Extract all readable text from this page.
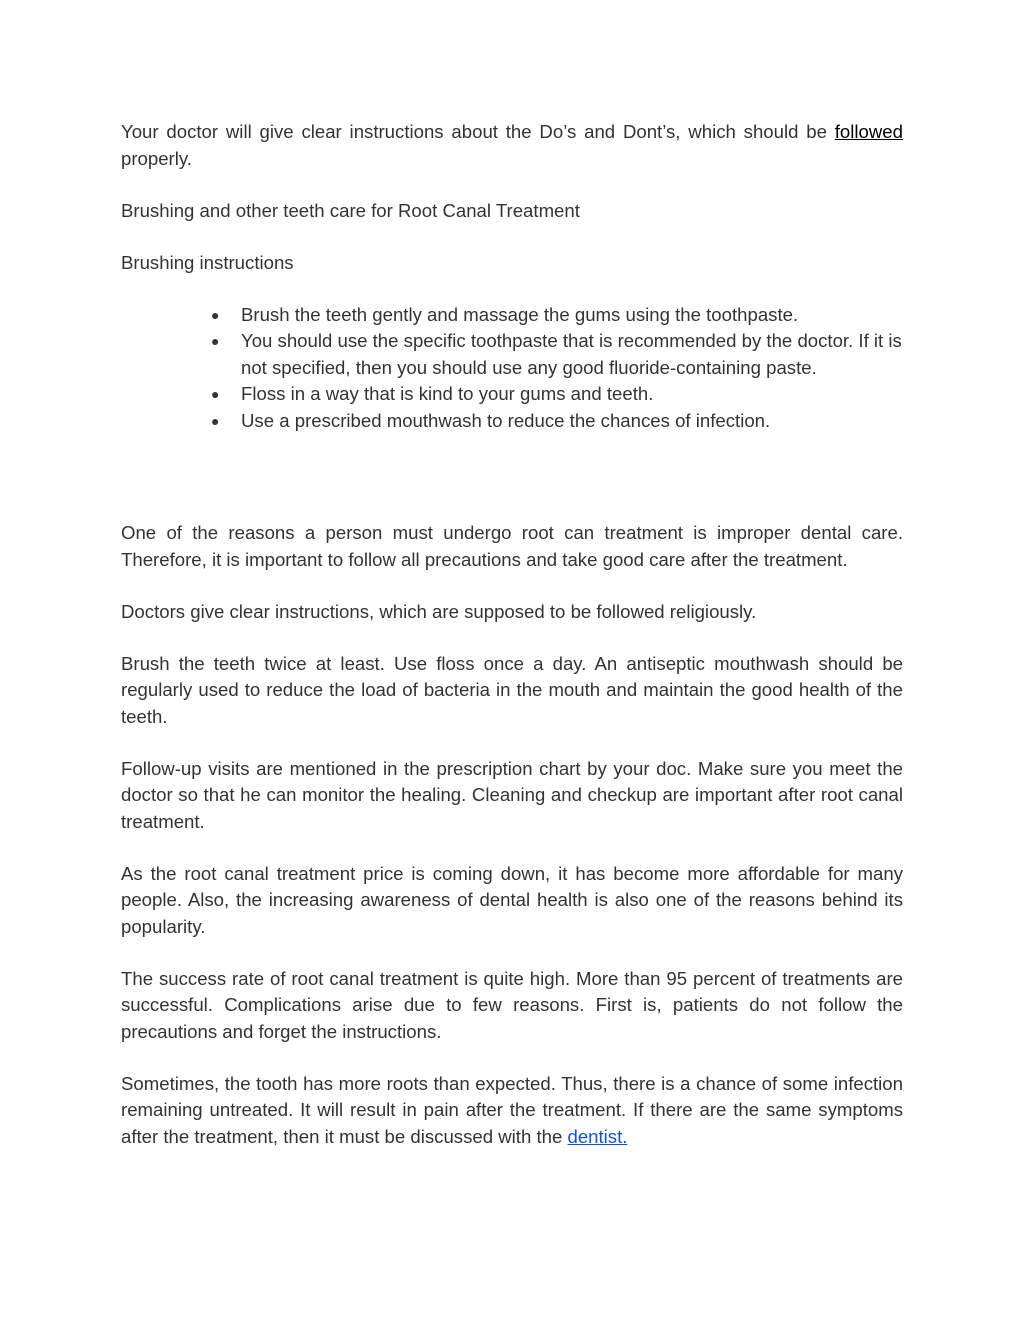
Your doctor will give clear instructions about the Do’s and Dont’s, which should be followed properly.

Brushing and other teeth care for Root Canal Treatment

Brushing instructions

● Brush the teeth gently and massage the gums using the toothpaste.
● You should use the specific toothpaste that is recommended by the doctor. If it is not specified, then you should use any good fluoride-containing paste.
● Floss in a way that is kind to your gums and teeth.
● Use a prescribed mouthwash to reduce the chances of infection.

One of the reasons a person must undergo root can treatment is improper dental care. Therefore, it is important to follow all precautions and take good care after the treatment.

Doctors give clear instructions, which are supposed to be followed religiously.

Brush the teeth twice at least. Use floss once a day. An antiseptic mouthwash should be regularly used to reduce the load of bacteria in the mouth and maintain the good health of the teeth.

Follow-up visits are mentioned in the prescription chart by your doc. Make sure you meet the doctor so that he can monitor the healing. Cleaning and checkup are important after root canal treatment.

As the root canal treatment price is coming down, it has become more affordable for many people. Also, the increasing awareness of dental health is also one of the reasons behind its popularity.

The success rate of root canal treatment is quite high. More than 95 percent of treatments are successful. Complications arise due to few reasons. First is, patients do not follow the precautions and forget the instructions.

Sometimes, the tooth has more roots than expected. Thus, there is a chance of some infection remaining untreated. It will result in pain after the treatment. If there are the same symptoms after the treatment, then it must be discussed with the dentist.
